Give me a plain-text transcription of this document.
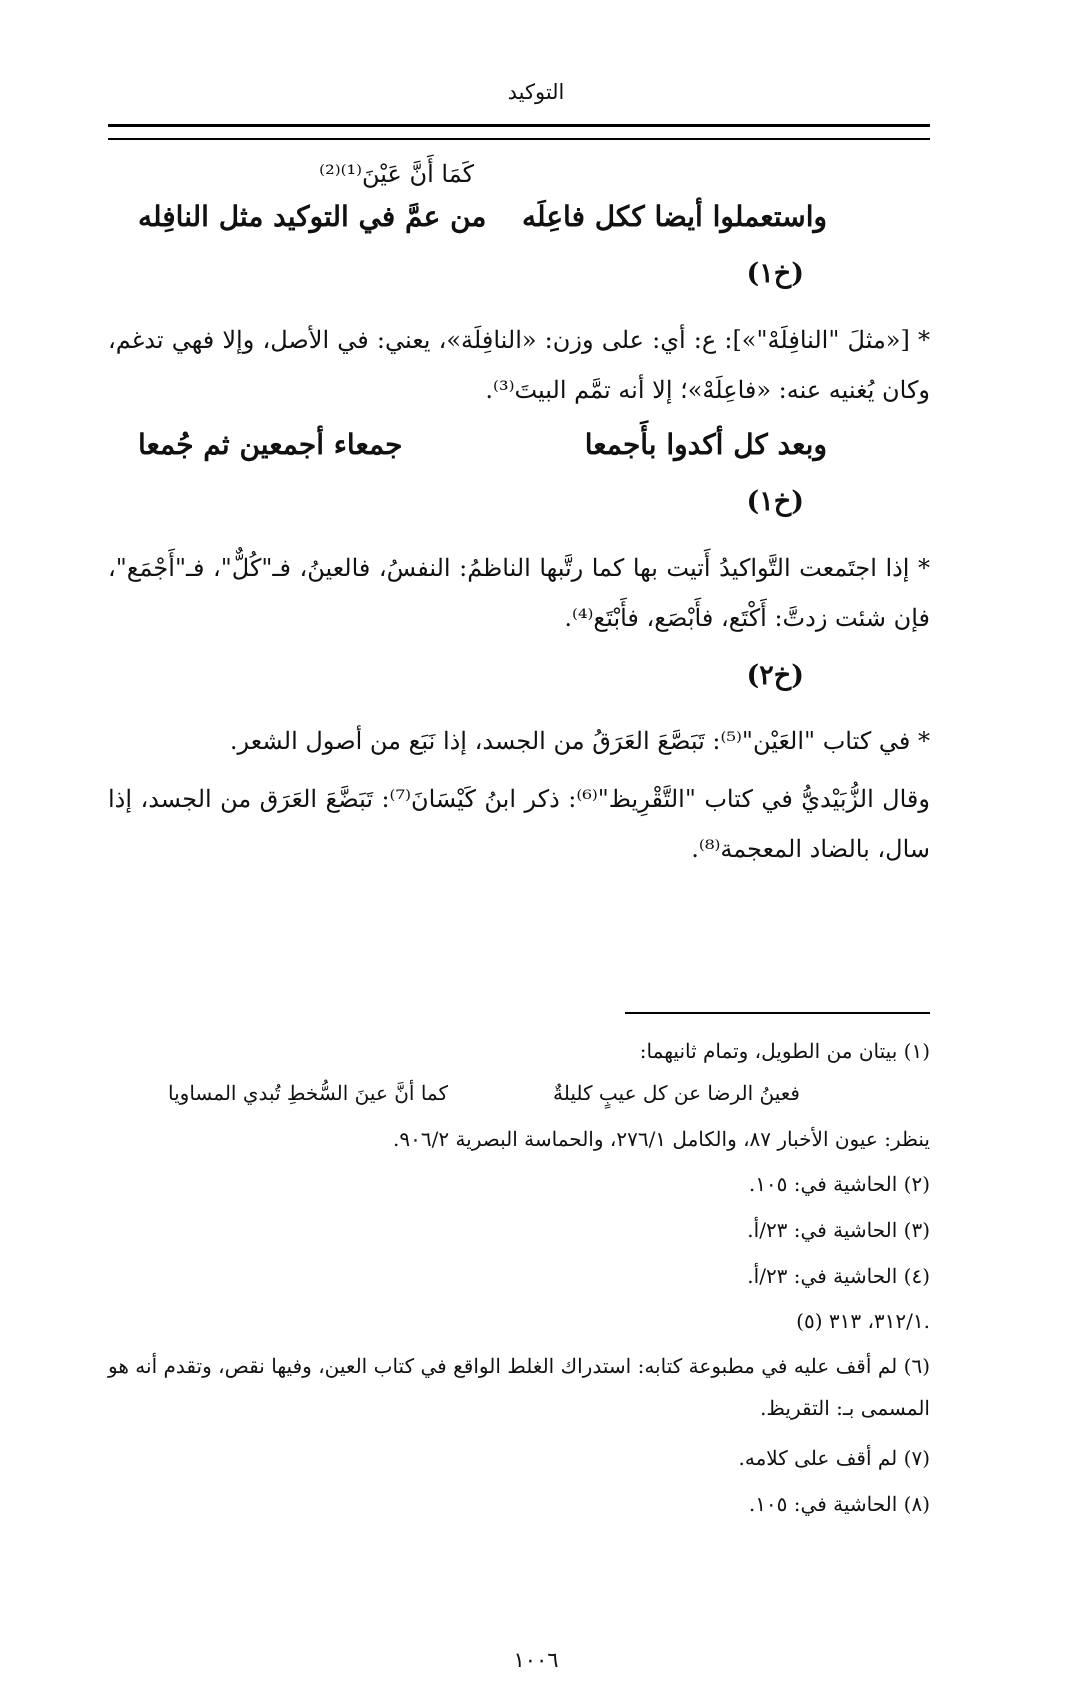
التوكيد
كَمَا أَنَّ عَيْنَ⁽¹⁾⁽²⁾
واستعملوا أيضا ككل فاعِلَه
من عمَّ في التوكيد مثل النافِله
(خ١)
* [«مثلَ "النافِلَهْ"»]: ع: أي: على وزن: «النافِلَة»، يعني: في الأصل، وإلا فهي تدغم، وكان يُغنيه عنه: «فاعِلَهْ»؛ إلا أنه تمَّم البيتَ⁽³⁾.
وبعد كل أكدوا بأَجمعا
جمعاء أجمعين ثم جُمعا
(خ١)
* إذا اجتَمعت التَّواكيدُ أَتيت بها كما رتَّبها الناظمُ: النفسُ، فالعينُ، فـ"كُلٌّ"، فـ"أَجْمَع"، فإن شئت زدتَّ: أَكْتَع، فأَبْصَع، فأَبْتَع⁽⁴⁾.
(خ٢)
* في كتاب "العَيْن"⁽⁵⁾: تَبَصَّعَ العَرَقُ من الجسد، إذا نَبَع من أصول الشعر.
وقال الزُّبَيْديُّ في كتاب "التَّقْرِيظ"⁽⁶⁾: ذكر ابنُ كَيْسَانَ⁽⁷⁾: تَبَضَّعَ العَرَق من الجسد، إذا سال، بالضاد المعجمة⁽⁸⁾.
(١) بيتان من الطويل، وتمام ثانيهما:
فعينُ الرضا عن كل عيبٍ كليلةٌ
كما أنَّ عينَ السُّخطِ تُبدي المساويا
ينظر: عيون الأخبار ٨٧، والكامل ٢٧٦/١، والحماسة البصرية ٩٠٦/٢.
(٢) الحاشية في: ١٠٥.
(٣) الحاشية في: ٢٣/أ.
(٤) الحاشية في: ٢٣/أ.
(٥) ٣١٢/١، ٣١٣.
(٦) لم أقف عليه في مطبوعة كتابه: استدراك الغلط الواقع في كتاب العين، وفيها نقص، وتقدم أنه هو المسمى بـ: التقريظ.
(٧) لم أقف على كلامه.
(٨) الحاشية في: ١٠٥.
١٠٠٦
